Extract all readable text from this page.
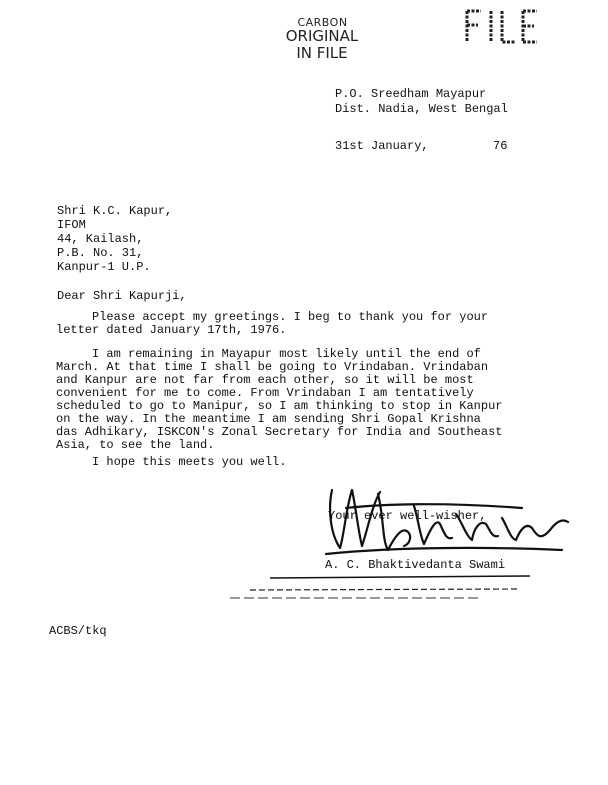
CARBON
ORIGINAL
IN FILE
P.O. Sreedham Mayapur
Dist. Nadia, West Bengal
31st January,	76
Shri K.C. Kapur,
IFOM
44, Kailash,
P.B. No. 31,
Kanpur-1 U.P.
Dear Shri Kapurji,
Please accept my greetings. I beg to thank you for your
letter dated January 17th, 1976.
I am remaining in Mayapur most likely until the end of
March. At that time I shall be going to Vrindaban. Vrindaban
and Kanpur are not far from each other, so it will be most
convenient for me to come. From Vrindaban I am tentatively
scheduled to go to Manipur, so I am thinking to stop in Kanpur
on the way. In the meantime I am sending Shri Gopal Krishna
das Adhikary, ISKCON's Zonal Secretary for India and Southeast
Asia, to see the land.
I hope this meets you well.
Your ever well-wisher,
A. C. Bhaktivedanta Swami
ACBS/tkq
